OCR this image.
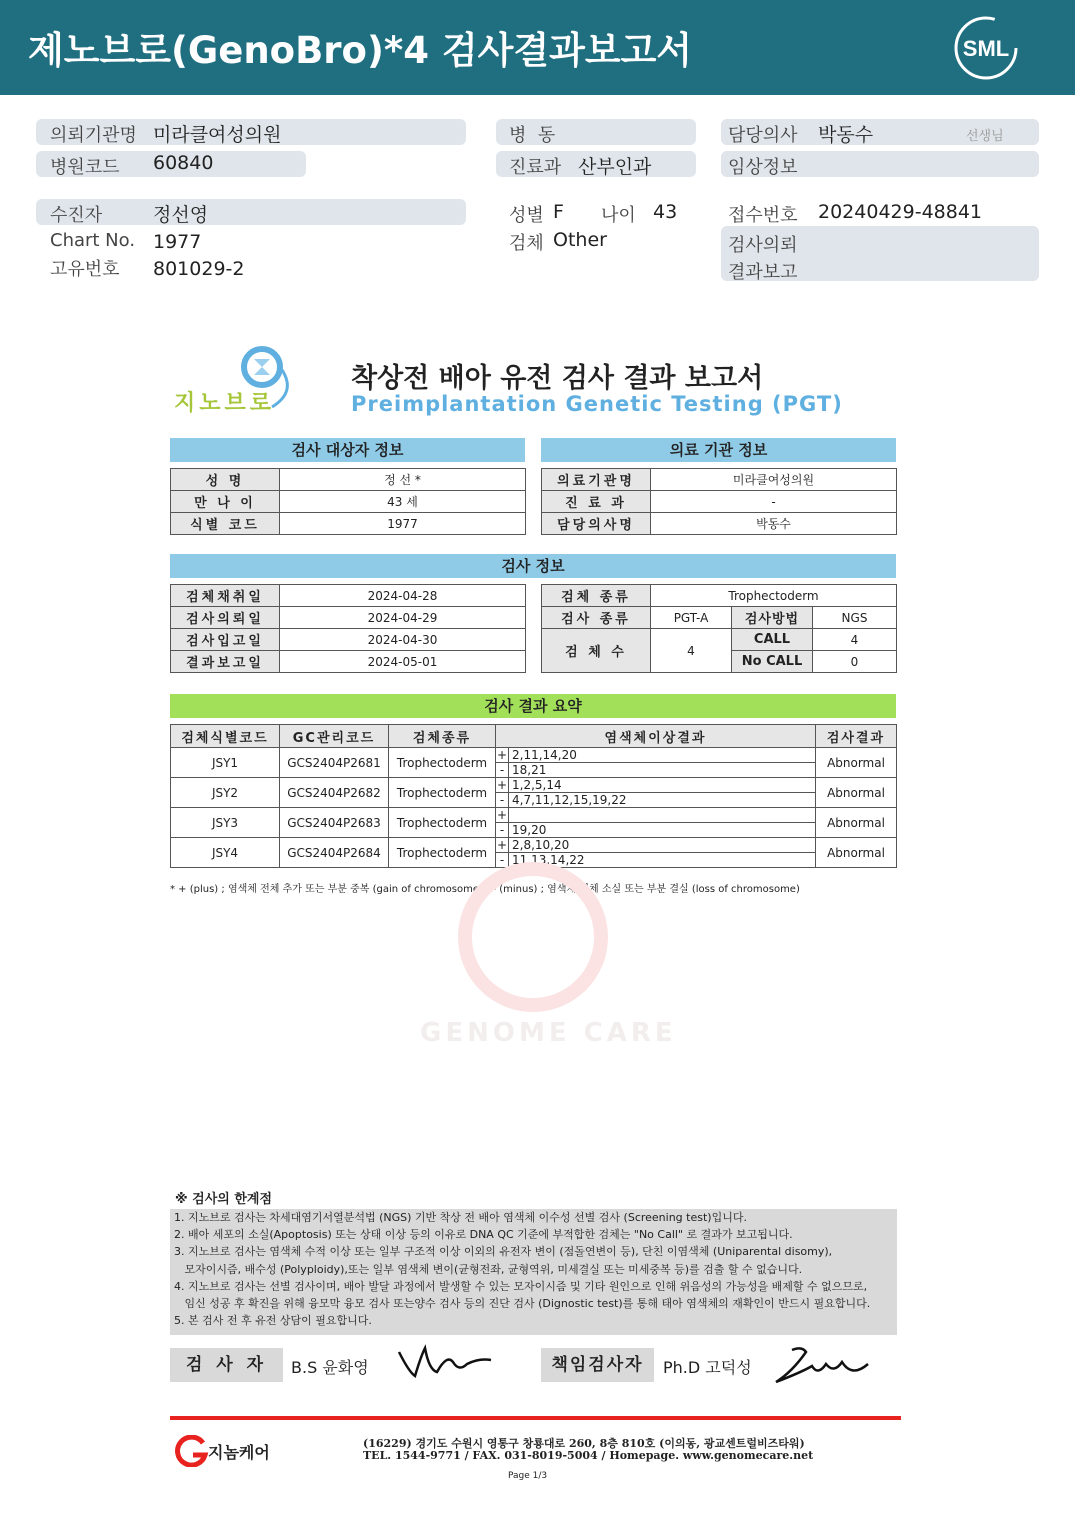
제노브로(GenoBro)*4 검사결과보고서	SML
의뢰기관명 미라클여성의원
병원코드 60840
병  동
진료과 산부인과
담당의사 박동수	선생님
임상정보
수진자	정선영
Chart No. 1977
고유번호 801029-2
성별 F 나이 43
검체 Other
접수번호 20240429-48841
검사의뢰
결과보고
지노브로
착상전 배아 유전 검사 결과 보고서
Preimplantation Genetic Testing (PGT)
검사 대상자 정보	의료 기관 정보
성 명	정 선 *
만 나 이	43 세
식별 코드	1977
의료기관명	미라클여성의원
진 료 과	-
담당의사명	박동수
검사 정보
검체채취일	2024-04-28
검사의뢰일	2024-04-29
검사입고일	2024-04-30
결과보고일	2024-05-01
검체 종류	Trophectoderm		
검사 종류	PGT-A	검사방법	NGS
검 체 수	4	CALL	4
		No CALL	0
검사 결과 요약
검체식별코드	GC관리코드	검체종류	염색체이상결과	검사결과
JSY1	GCS2404P2681	Trophectoderm	+ 2,11,14,20
- 18,21	Abnormal
JSY2	GCS2404P2682	Trophectoderm	+ 1,2,5,14
- 4,7,11,12,15,19,22	Abnormal
JSY3	GCS2404P2683	Trophectoderm	+
- 19,20	Abnormal
JSY4	GCS2404P2684	Trophectoderm	+ 2,8,10,20
- 11,13,14,22	Abnormal
* + (plus) ; 염색체 전체 추가 또는 부분 중복 (gain of chromosome) , - (minus) ; 염색체 전체 소실 또는 부분 결실 (loss of chromosome)
GENOME CARE
※ 검사의 한계점
1. 지노브로 검사는 차세대염기서열분석법 (NGS) 기반 착상 전 배아 염색체 이수성 선별 검사 (Screening test)입니다.
2. 배아 세포의 소실(Apoptosis) 또는 상태 이상 등의 이유로 DNA QC 기준에 부적합한 검체는 "No Call" 로 결과가 보고됩니다.
3. 지노브로 검사는 염색체 수적 이상 또는 일부 구조적 이상 이외의 유전자 변이 (점돌연변이 등), 단친 이염색체 (Uniparental disomy),
모자이시즘, 배수성 (Polyploidy),또는 일부 염색체 변이(균형전좌, 균형역위, 미세결실 또는 미세중복 등)를 검출 할 수 없습니다.
4. 지노브로 검사는 선별 검사이며, 배아 발달 과정에서 발생할 수 있는 모자이시즘 및 기타 원인으로 인해 위음성의 가능성을 배제할 수 없으므로,
임신 성공 후 확진을 위해 융모막 융모 검사 또는양수 검사 등의 진단 검사 (Dignostic test)를 통해 태아 염색체의 재확인이 반드시 필요합니다.
5. 본 검사 전 후 유전 상담이 필요합니다.
검 사 자	B.S 윤화영	책임검사자	Ph.D 고덕성
지놈케어	(16229) 경기도 수원시 영통구 창룡대로 260, 8층 810호 (이의동, 광교센트럴비즈타워)
TEL. 1544-9771 / FAX. 031-8019-5004 / Homepage. www.genomecare.net
Page 1/3
